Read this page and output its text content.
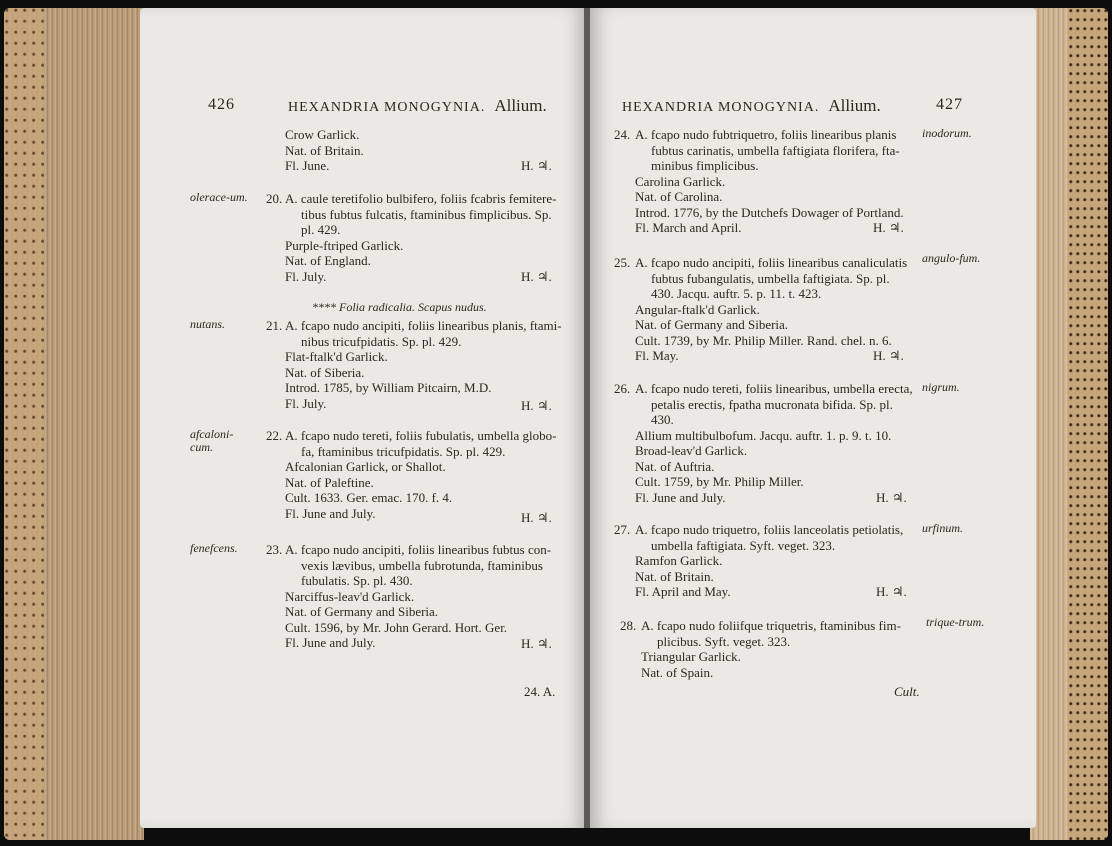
426	HEXANDRIA MONOGYNIA. Allium.
Crow Garlick.
Nat. of Britain.
Fl. June.	H. ♃.
olerace-um. 20. A. caule teretifolio bulbifero, foliis fcabris femitere-
tibus fubtus fulcatis, ftaminibus fimplicibus. Sp.
pl. 429.
Purple-ftriped Garlick.
Nat. of England.
Fl. July.	H. ♃.
**** Folia radicalia. Scapus nudus.
nutans.	21. A. fcapo nudo ancipiti, foliis linearibus planis, ftami-
nibus tricufpidatis. Sp. pl. 429.
Flat-ftalk'd Garlick.
Nat. of Siberia.
Introd. 1785, by William Pitcairn, M.D.
Fl. July.	H. ♃.
afcaloni-cum.
22. A. fcapo nudo tereti, foliis fubulatis, umbella globo-
fa, ftaminibus tricufpidatis. Sp. pl. 429.
Afcalonian Garlick, or Shallot.
Nat. of Paleftine.
Cult. 1633. Ger. emac. 170. f. 4.
Fl. June and July.	H. ♃.
fenefcens.	23. A. fcapo nudo ancipiti, foliis linearibus fubtus con-
vexis lævibus, umbella fubrotunda, ftaminibus
fubulatis. Sp. pl. 430.
Narciffus-leav'd Garlick.
Nat. of Germany and Siberia.
Cult. 1596, by Mr. John Gerard. Hort. Ger.
Fl. June and July.	H. ♃.
24. A.
HEXANDRIA MONOGYNIA. Allium.	427
inodorum.
24. A. fcapo nudo fubtriquetro, foliis linearibus planis
fubtus carinatis, umbella faftigiata florifera, fta-
minibus fimplicibus.
Carolina Garlick.
Nat. of Carolina.
Introd. 1776, by the Dutchefs Dowager of Portland.
Fl. March and April.	H. ♃.
angulo-fum.
25. A. fcapo nudo ancipiti, foliis linearibus canaliculatis
fubtus fubangulatis, umbella faftigiata. Sp. pl.
430. Jacqu. auftr. 5. p. 11. t. 423.
Angular-ftalk'd Garlick.
Nat. of Germany and Siberia.
Cult. 1739, by Mr. Philip Miller. Rand. chel. n. 6.
Fl. May.	H. ♃.
nigrum.
26. A. fcapo nudo tereti, foliis linearibus, umbella erecta,
petalis erectis, fpatha mucronata bifida. Sp. pl.
430.
Allium multibulbofum. Jacqu. auftr. 1. p. 9. t. 10.
Broad-leav'd Garlick.
Nat. of Auftria.
Cult. 1759, by Mr. Philip Miller.
Fl. June and July.	H. ♃.
urfinum.
27. A. fcapo nudo triquetro, foliis lanceolatis petiolatis,
umbella faftigiata. Syft. veget. 323.
Ramfon Garlick.
Nat. of Britain.
Fl. April and May.	H. ♃.
trique-trum.
28. A. fcapo nudo foliifque triquetris, ftaminibus fim-
plicibus. Syft. veget. 323.
Triangular Garlick.
Nat. of Spain.
Cult.
